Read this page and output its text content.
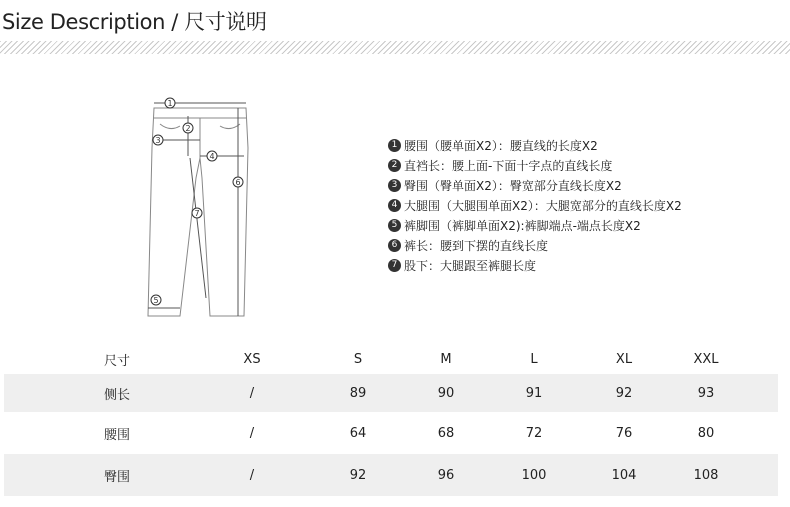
Size Description / 尺寸说明
1
2
3
4
5
6
7
1 腰围（腰单面X2）：腰直线的长度X2
2 直裆长：腰上面-下面十字点的直线长度
3 臀围（臀单面X2）：臀宽部分直线长度X2
4 大腿围（大腿围单面X2）：大腿宽部分的直线长度X2
5 裤脚围（裤脚单面X2):裤脚端点-端点长度X2
6 裤长：腰到下摆的直线长度
7 股下：大腿跟至裤腿长度
尺寸	XS	S	M	L	XL	XXL
侧长	/	89	90	91	92	93
腰围	/	64	68	72	76	80
臀围	/	92	96	100	104	108
